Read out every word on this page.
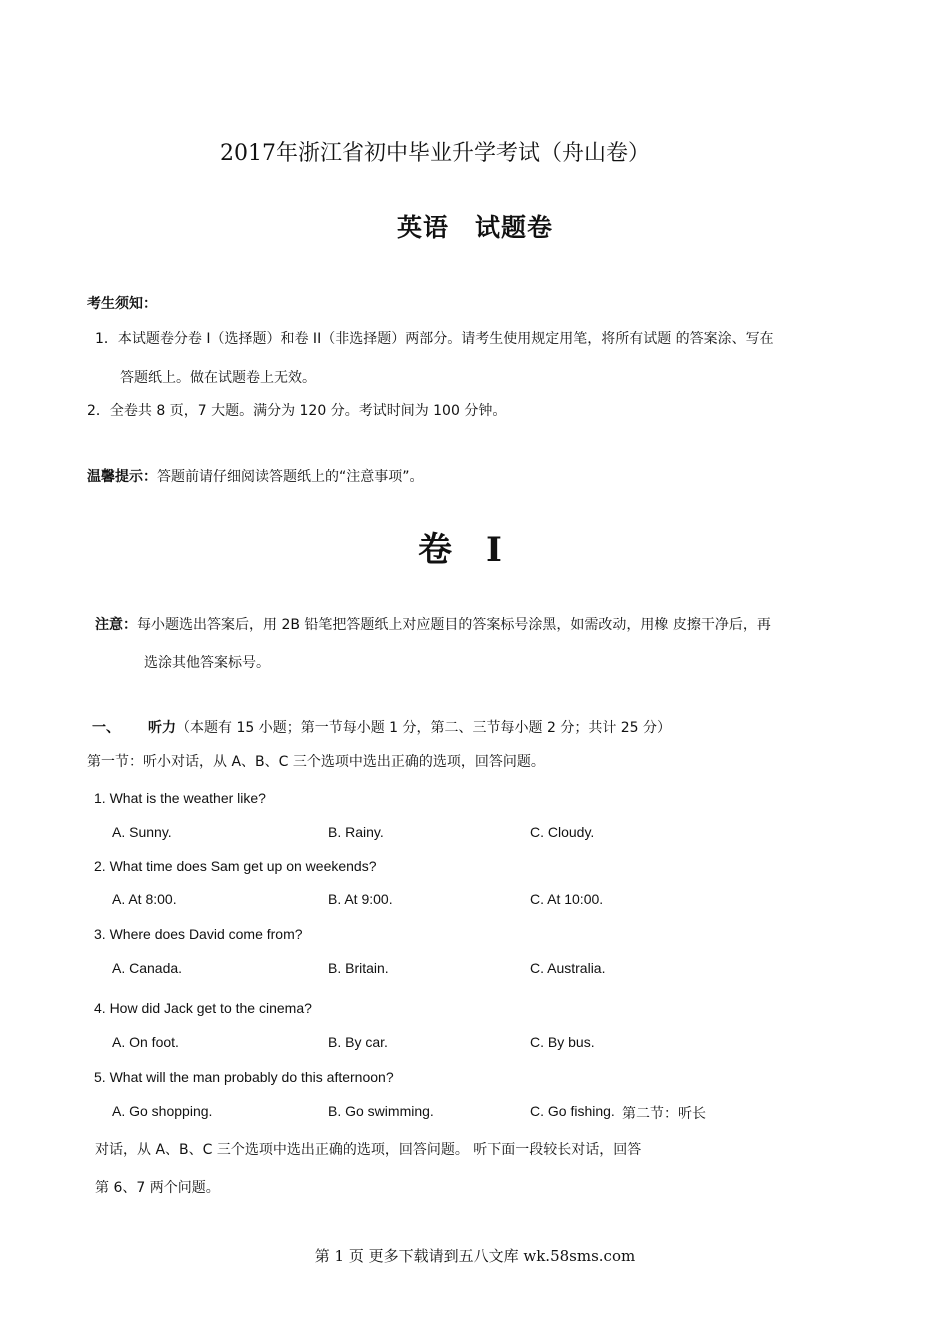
2017年浙江省初中毕业升学考试（舟山卷）
英语　试题卷
考生须知：
1．本试题卷分卷 I（选择题）和卷 II（非选择题）两部分。请考生使用规定用笔，将所有试题 的答案涂、写在
答题纸上。做在试题卷上无效。
2．全卷共 8 页，7 大题。满分为 120 分。考试时间为 100 分钟。
温馨提示：答题前请仔细阅读答题纸上的“注意事项”。
卷　I
注意：每小题选出答案后，用 2B 铅笔把答题纸上对应题目的答案标号涂黑，如需改动，用橡 皮擦干净后，再
选涂其他答案标号。
一、 听力（本题有 15 小题；第一节每小题 1 分，第二、三节每小题 2 分；共计 25 分）
第一节：听小对话，从 A、B、C 三个选项中选出正确的选项，回答问题。
1. What is the weather like?
A. Sunny.	B. Rainy.	C. Cloudy.
2. What time does Sam get up on weekends?
A. At 8:00.	B. At 9:00.	C. At 10:00.
3. Where does David come from?
A. Canada.	B. Britain.	C. Australia.
4. How did Jack get to the cinema?
A. On foot.	B. By car.	C. By bus.
5. What will the man probably do this afternoon?
A. Go shopping.	B. Go swimming.	C. Go fishing. 第二节：听长
对话，从 A、B、C 三个选项中选出正确的选项，回答问题。 听下面一段较长对话，回答
第 6、7 两个问题。
第 1 页 更多下载请到五八文库 wk.58sms.com
